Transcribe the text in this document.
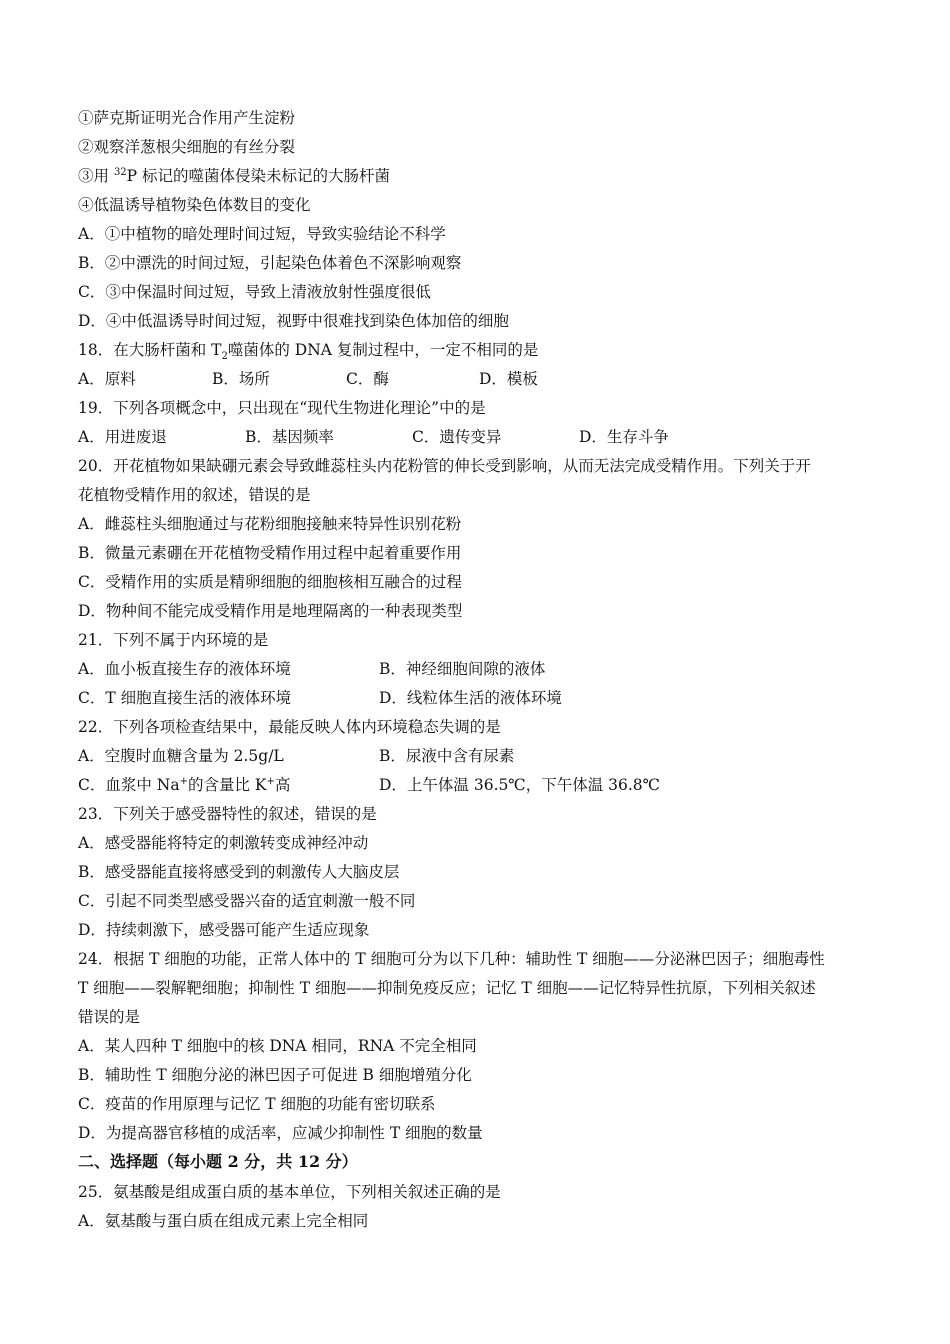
①萨克斯证明光合作用产生淀粉
②观察洋葱根尖细胞的有丝分裂
③用 $^{32}$P 标记的噬菌体侵染未标记的大肠杆菌
④低温诱导植物染色体数目的变化
A．①中植物的暗处理时间过短，导致实验结论不科学
B．②中漂洗的时间过短，引起染色体着色不深影响观察
C．③中保温时间过短，导致上清液放射性强度很低
D．④中低温诱导时间过短，视野中很难找到染色体加倍的细胞
18．在大肠杆菌和 $T_2$噬菌体的 DNA 复制过程中，一定不相同的是
A．原料	B．场所	C．酶	D．模板
19．下列各项概念中，只出现在“现代生物进化理论”中的是
A．用进废退	B．基因频率	C．遗传变异	D．生存斗争
20．开花植物如果缺硼元素会导致雌蕊柱头内花粉管的伸长受到影响，从而无法完成受精作用。下列关于开
花植物受精作用的叙述，错误的是
A．雌蕊柱头细胞通过与花粉细胞接触来特异性识别花粉
B．微量元素硼在开花植物受精作用过程中起着重要作用
C．受精作用的实质是精卵细胞的细胞核相互融合的过程
D．物种间不能完成受精作用是地理隔离的一种表现类型
21．下列不属于内环境的是
A．血小板直接生存的液体环境	B．神经细胞间隙的液体
C．T 细胞直接生活的液体环境	D．线粒体生活的液体环境
22．下列各项检查结果中，最能反映人体内环境稳态失调的是
A．空腹时血糖含量为 2.5g/L	B．尿液中含有尿素
C．血浆中 Na+的含量比 K+高	D．上午体温 36.5℃，下午体温 36.8℃
23．下列关于感受器特性的叙述，错误的是
A．感受器能将特定的刺激转变成神经冲动
B．感受器能直接将感受到的刺激传人大脑皮层
C．引起不同类型感受器兴奋的适宜刺激一般不同
D．持续刺激下，感受器可能产生适应现象
24．根据 T 细胞的功能，正常人体中的 T 细胞可分为以下几种：辅助性 T 细胞——分泌淋巴因子；细胞毒性
T 细胞——裂解靶细胞；抑制性 T 细胞——抑制免疫反应；记忆 T 细胞——记忆特异性抗原，下列相关叙述
错误的是
A．某人四种 T 细胞中的核 DNA 相同，RNA 不完全相同
B．辅助性 T 细胞分泌的淋巴因子可促进 B 细胞增殖分化
C．疫苗的作用原理与记忆 T 细胞的功能有密切联系
D．为提高器官移植的成活率，应减少抑制性 T 细胞的数量
二、选择题（每小题 2 分，共 12 分）
25．氨基酸是组成蛋白质的基本单位，下列相关叙述正确的是
A．氨基酸与蛋白质在组成元素上完全相同
